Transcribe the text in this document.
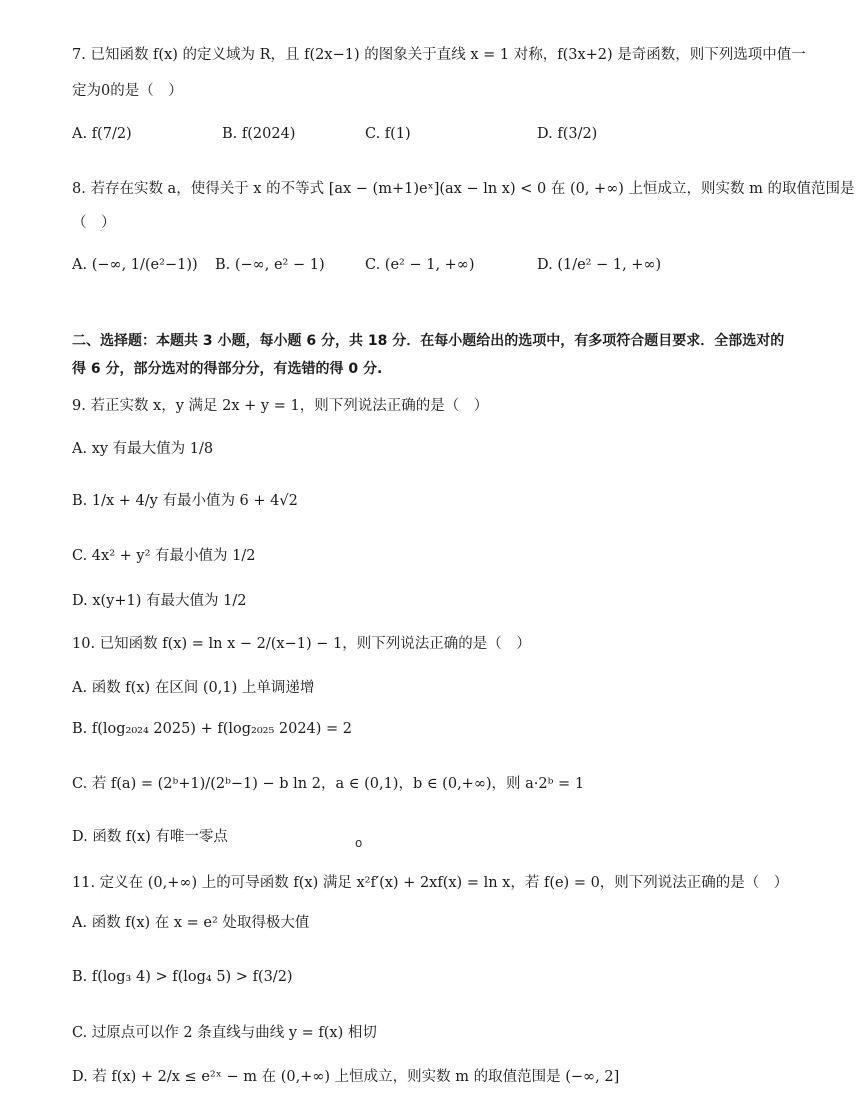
7. 已知函数 f(x) 的定义域为 R，且 f(2x−1) 的图象关于直线 x = 1 对称，f(3x+2) 是奇函数，则下列选项中值一
定为0的是（　）
A. f(7/2)	B. f(2024)	C. f(1)	D. f(3/2)
8. 若存在实数 a，使得关于 x 的不等式 [ax − (m+1)eˣ](ax − ln x) < 0 在 (0, +∞) 上恒成立，则实数 m 的取值范围是
（　）
A. (−∞, 1/(e²−1)) B. (−∞, e² − 1)	C. (e² − 1, +∞)	D. (1/e² − 1, +∞)
二、选择题：本题共 3 小题，每小题 6 分，共 18 分．在每小题给出的选项中，有多项符合题目要求．全部选对的
得 6 分，部分选对的得部分分，有选错的得 0 分.
9. 若正实数 x，y 满足 2x + y = 1，则下列说法正确的是（　）
A. xy 有最大值为 1/8
B. 1/x + 4/y 有最小值为 6 + 4√2
C. 4x² + y² 有最小值为 1/2
D. x(y+1) 有最大值为 1/2
10. 已知函数 f(x) = ln x − 2/(x−1) − 1，则下列说法正确的是（　）
A. 函数 f(x) 在区间 (0,1) 上单调递增
B. f(log₂₀₂₄ 2025) + f(log₂₀₂₅ 2024) = 2
C. 若 f(a) = (2ᵇ+1)/(2ᵇ−1) − b ln 2，a ∈ (0,1)，b ∈ (0,+∞)，则 a·2ᵇ = 1
D. 函数 f(x) 有唯一零点	o
11. 定义在 (0,+∞) 上的可导函数 f(x) 满足 x²f′(x) + 2xf(x) = ln x，若 f(e) = 0，则下列说法正确的是（　）
A. 函数 f(x) 在 x = e² 处取得极大值
B. f(log₃ 4) > f(log₄ 5) > f(3/2)
C. 过原点可以作 2 条直线与曲线 y = f(x) 相切
D. 若 f(x) + 2/x ≤ e²ˣ − m 在 (0,+∞) 上恒成立，则实数 m 的取值范围是 (−∞, 2]
